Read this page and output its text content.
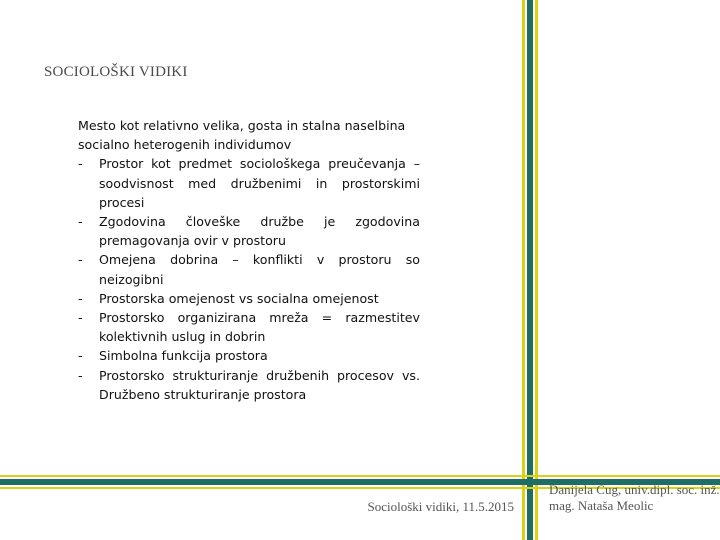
SOCIOLOŠKI VIDIKI

Mesto kot relativno velika, gosta in stalna naselbina socialno heterogenih individumov

-	Prostor kot predmet sociološkega preučevanja – soodvisnost med družbenimi in prostorskimi procesi
-	Zgodovina človeške družbe je zgodovina premagovanja ovir v prostoru
-	Omejena dobrina – konflikti v prostoru so neizogibni
-	Prostorska omejenost vs socialna omejenost
-	Prostorsko organizirana mreža = razmestitev kolektivnih uslug in dobrin
-	Simbolna funkcija prostora
-	Prostorsko strukturiranje družbenih procesov vs. Družbeno strukturiranje prostora
Sociološki vidiki, 11.5.2015
Danijela Čug, univ.dipl. soc. inž.
mag. Nataša Meolic
